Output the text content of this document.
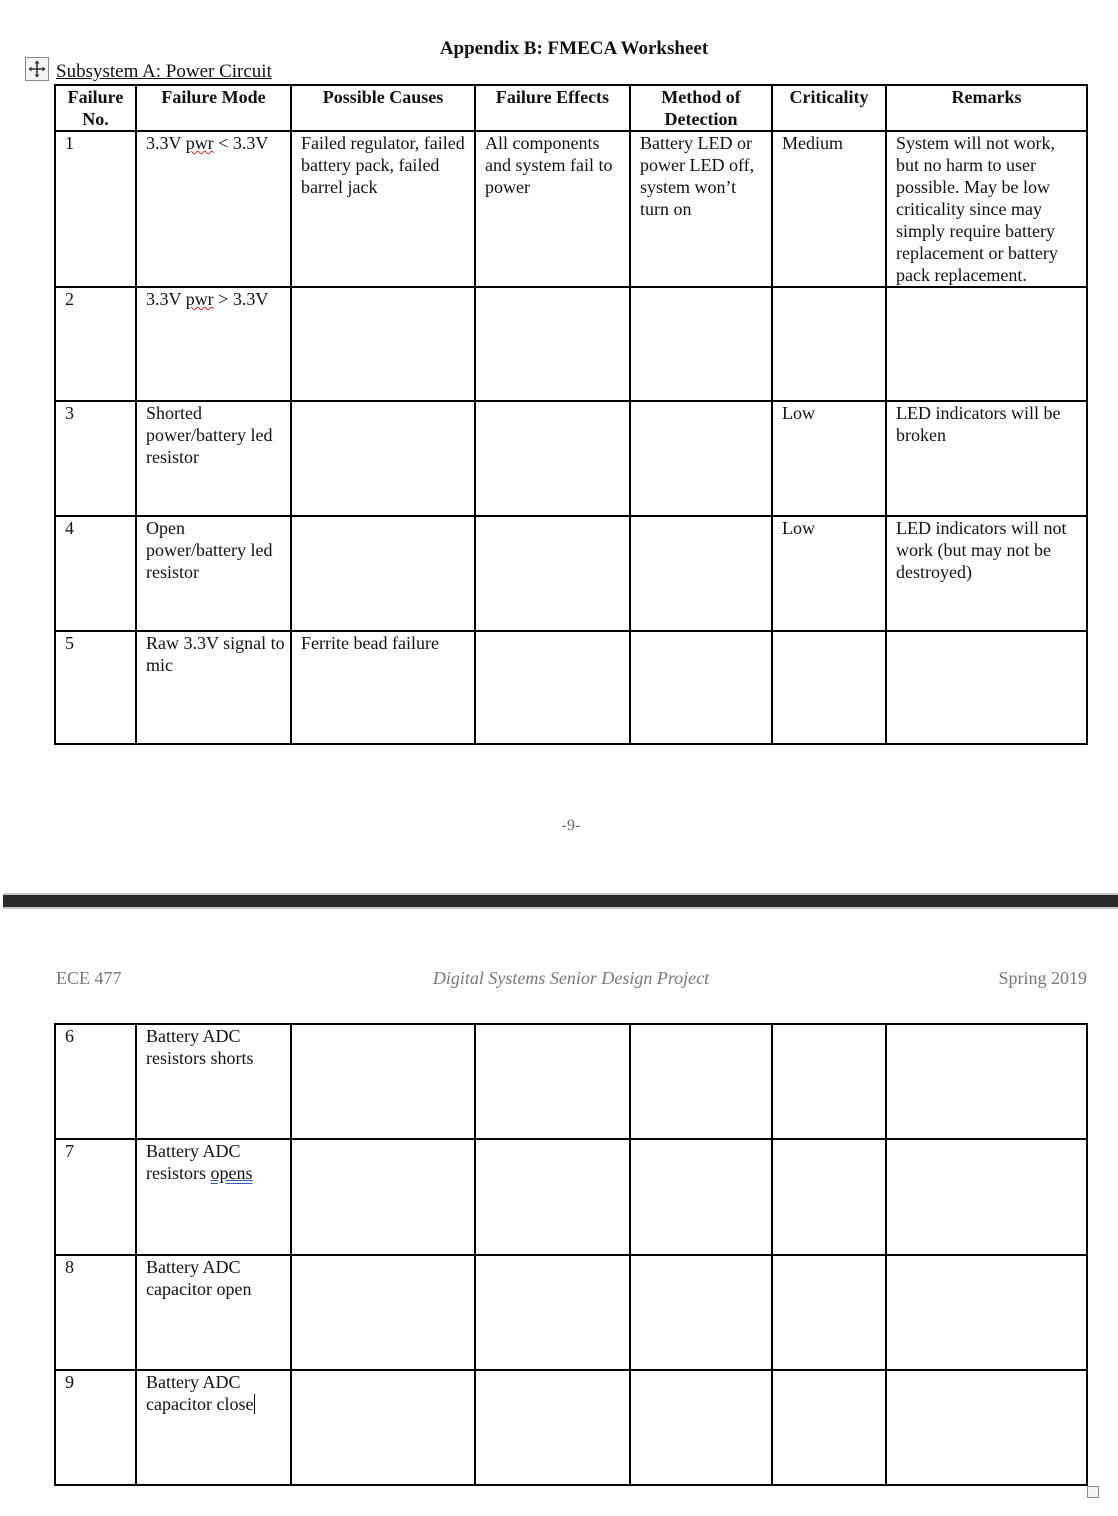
Appendix B: FMECA Worksheet
Subsystem A: Power Circuit
Failure No.	Failure Mode	Possible Causes	Failure Effects	Method of Detection	Criticality	Remarks
1	3.3V pwr < 3.3V	Failed regulator, failed battery pack, failed barrel jack	All components and system fail to power	Battery LED or power LED off, system won’t turn on	Medium	System will not work, but no harm to user possible. May be low criticality since may simply require battery replacement or battery pack replacement.
2	3.3V pwr > 3.3V					
3	Shorted power/battery led resistor				Low	LED indicators will be broken
4	Open power/battery led resistor				Low	LED indicators will not work (but may not be destroyed)
5	Raw 3.3V signal to mic	Ferrite bead failure				
-9-
ECE 477	Digital Systems Senior Design Project	Spring 2019
6	Battery ADC resistors shorts					
7	Battery ADC resistors opens					
8	Battery ADC capacitor open					
9	Battery ADC capacitor close					
